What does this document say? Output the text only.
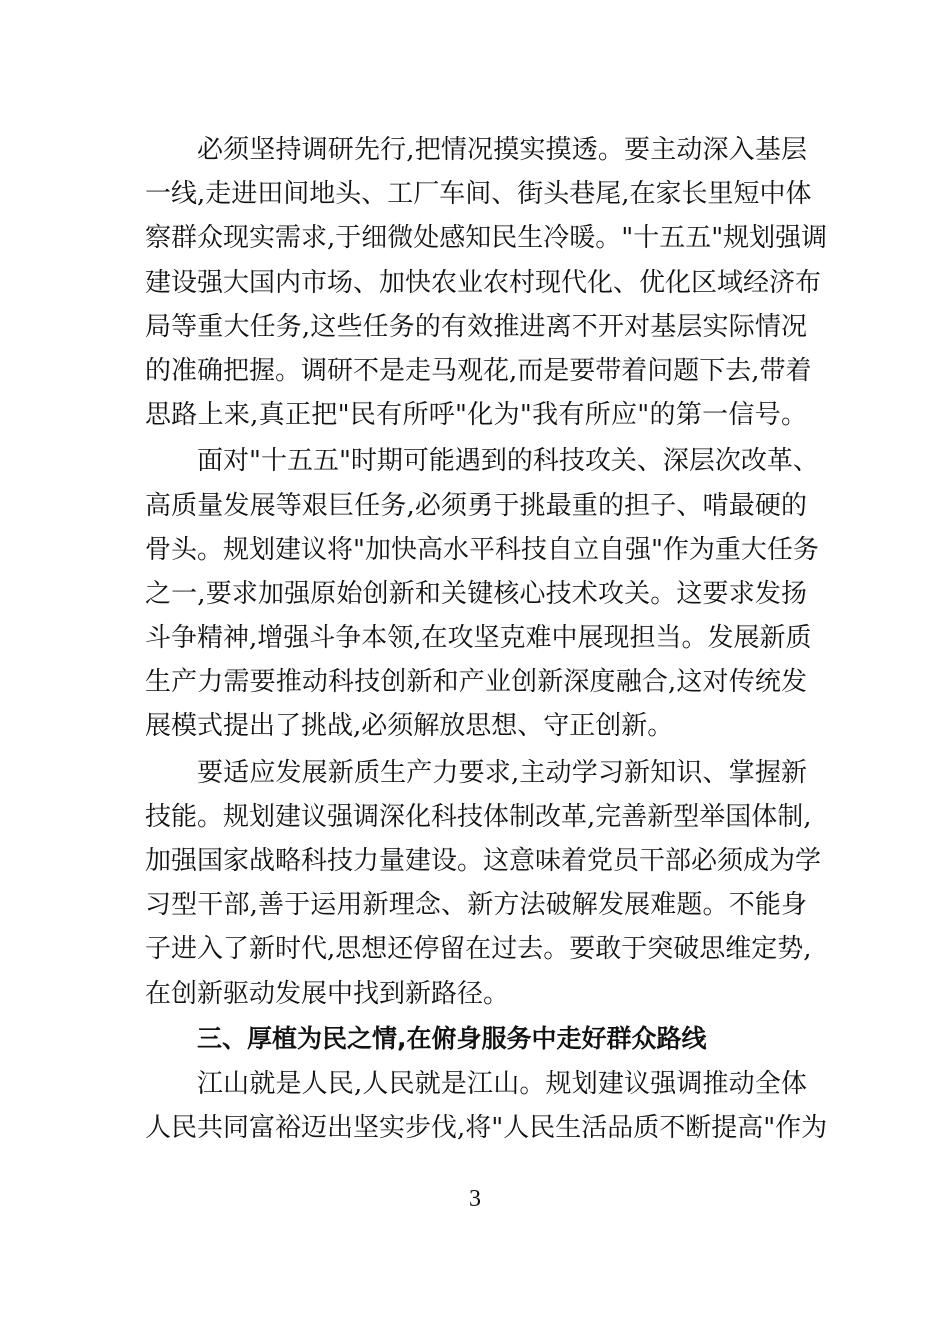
必须坚持调研先行,把情况摸实摸透。要主动深入基层
一线,走进田间地头、工厂车间、街头巷尾,在家长里短中体
察群众现实需求,于细微处感知民生冷暖。"十五五"规划强调
建设强大国内市场、加快农业农村现代化、优化区域经济布
局等重大任务,这些任务的有效推进离不开对基层实际情况
的准确把握。调研不是走马观花,而是要带着问题下去,带着
思路上来,真正把"民有所呼"化为"我有所应"的第一信号。
面对"十五五"时期可能遇到的科技攻关、深层次改革、
高质量发展等艰巨任务,必须勇于挑最重的担子、啃最硬的
骨头。规划建议将"加快高水平科技自立自强"作为重大任务
之一,要求加强原始创新和关键核心技术攻关。这要求发扬
斗争精神,增强斗争本领,在攻坚克难中展现担当。发展新质
生产力需要推动科技创新和产业创新深度融合,这对传统发
展模式提出了挑战,必须解放思想、守正创新。
要适应发展新质生产力要求,主动学习新知识、掌握新
技能。规划建议强调深化科技体制改革,完善新型举国体制,
加强国家战略科技力量建设。这意味着党员干部必须成为学
习型干部,善于运用新理念、新方法破解发展难题。不能身
子进入了新时代,思想还停留在过去。要敢于突破思维定势,
在创新驱动发展中找到新路径。
三、厚植为民之情,在俯身服务中走好群众路线
江山就是人民,人民就是江山。规划建议强调推动全体
人民共同富裕迈出坚实步伐,将"人民生活品质不断提高"作为
3
